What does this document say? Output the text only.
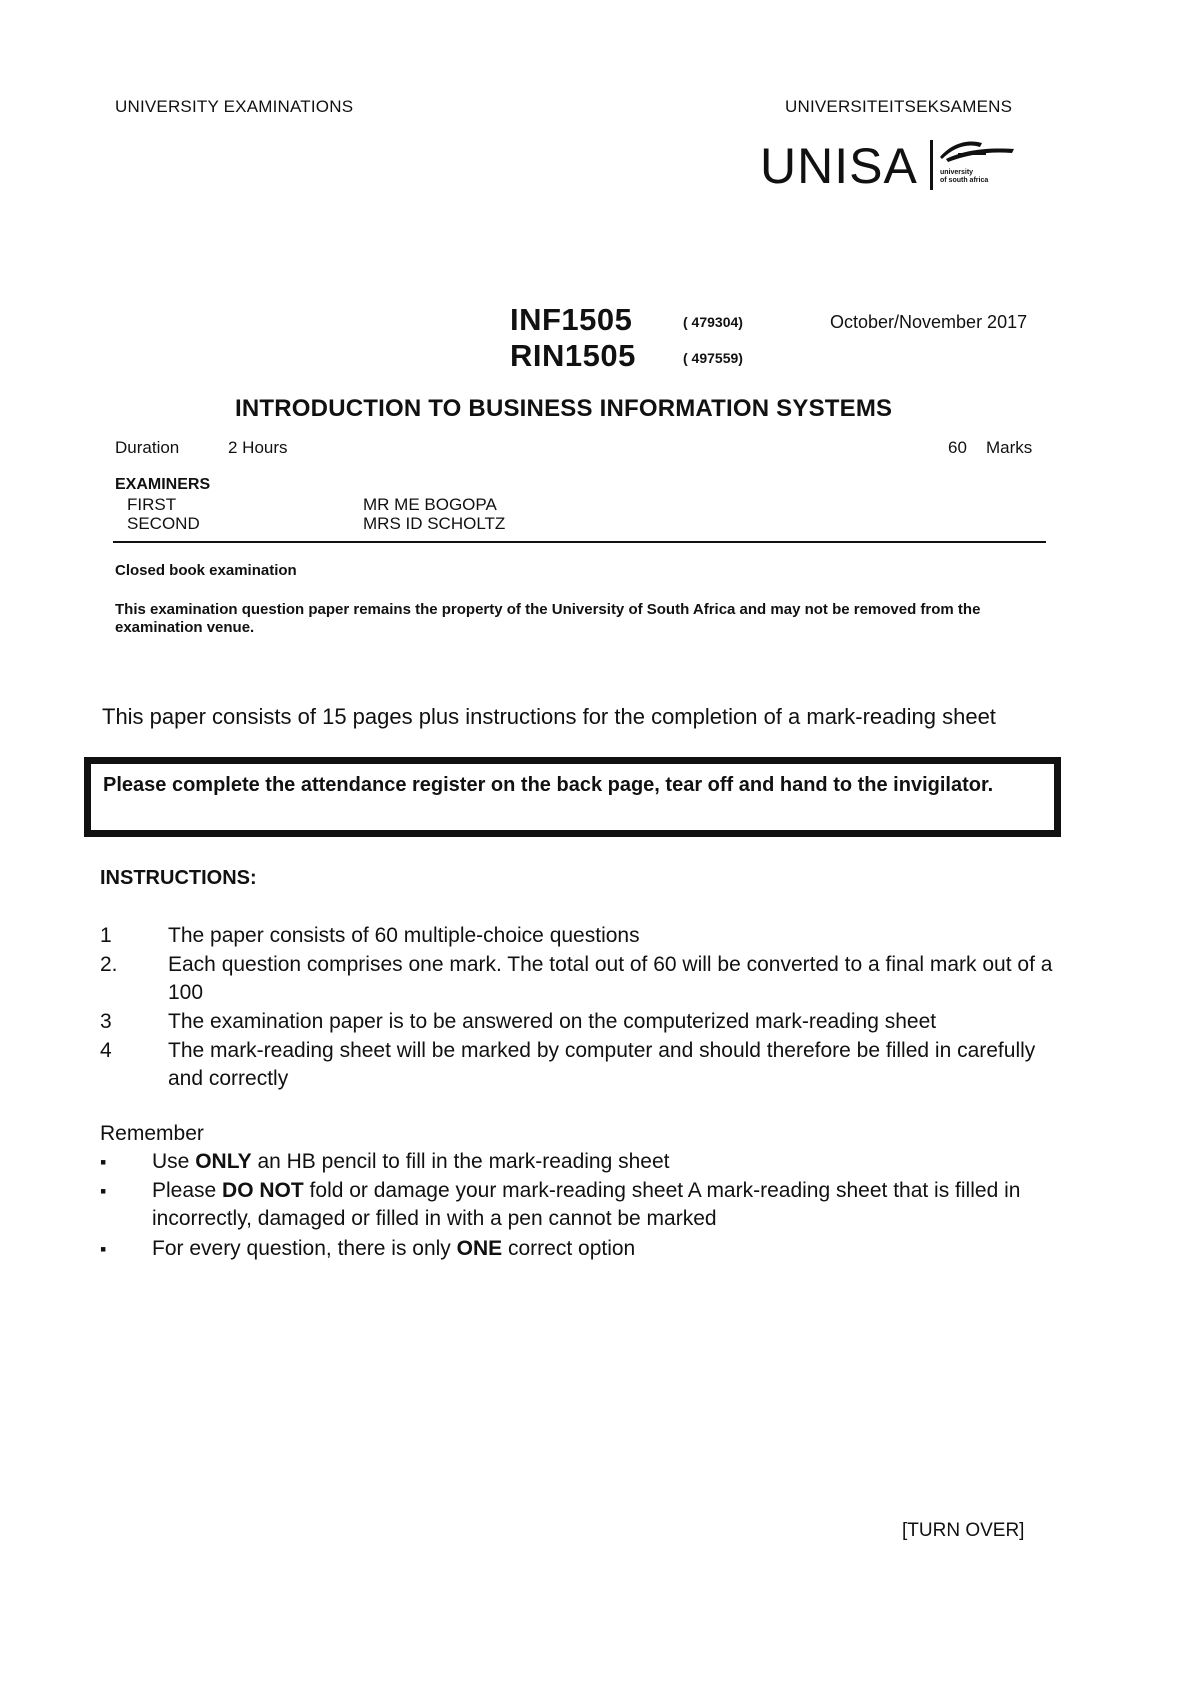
UNIVERSITY EXAMINATIONS	UNIVERSITEITSEKSAMENS
UNISA	university
of south africa
INF1505	( 479304)	October/November 2017
RIN1505	( 497559)
INTRODUCTION TO BUSINESS INFORMATION SYSTEMS
Duration	2 Hours	60 Marks
EXAMINERS
FIRST	MR ME BOGOPA
SECOND	MRS ID SCHOLTZ
Closed book examination
This examination question paper remains the property of the University of South Africa and may not be removed from the examination venue.
This paper consists of 15 pages plus instructions for the completion of a mark-reading sheet
Please complete the attendance register on the back page, tear off and hand to the invigilator.
INSTRUCTIONS:
1	The paper consists of 60 multiple-choice questions
2. Each question comprises one mark. The total out of 60 will be converted to a final mark out of a 100
3	The examination paper is to be answered on the computerized mark-reading sheet
4	The mark-reading sheet will be marked by computer and should therefore be filled in carefully and correctly
Remember
▪ Use ONLY an HB pencil to fill in the mark-reading sheet
▪ Please DO NOT fold or damage your mark-reading sheet A mark-reading sheet that is filled in incorrectly, damaged or filled in with a pen cannot be marked
▪ For every question, there is only ONE correct option
[TURN OVER]
